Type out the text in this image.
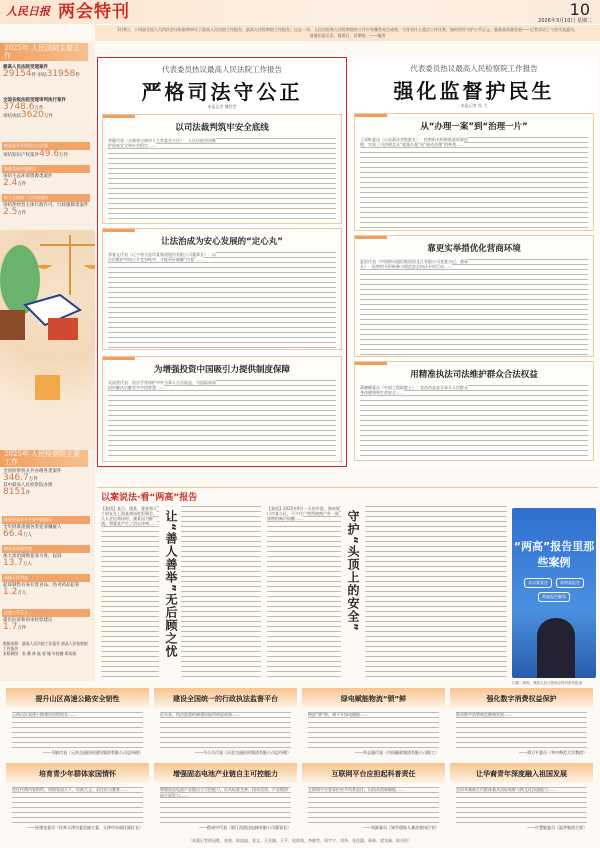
人民日报 两会特刊	10
2026年3月10日 星期二
3月9日，十四届全国人大四次会议听取和审议了最高人民法院工作报告、最高人民检察院工作报告。过去一年，人民法院和人民检察院的工作中有哪些亮点成效，今年有什么重点工作任务，如何更好守护公平正义，服务高质量发展——记者采访了与会代表委员，请他们谈认识、提建议、话期待。——编者
2025年 人民法院主要工作
最高人民法院受理案件
29154件 审结31958件
全国各级法院受理审判执行案件
3748.6万件
审结执结3620万件
推进高水平科技自立自强
审结知识产权案件49.6万件
服务美丽中国建设
审结生态环境资源类案件
2.4万件
助力全国统一大市场建设
审结涉经营主体行政许可、行政强制类案件2.5万件
2025年 人民检察院主要工作
全国检察机关共办理各类案件
346.7万件
其中最高人民检察院办理
8151件
推进更高水平平安中国建设
全年批准逮捕各类犯罪嫌疑人
66.4万人
服务高质量发展
加大惩治腐败犯罪力度，起诉
13.7万人
保障人民利益
起诉制售有毒有害食品、伪劣药品犯罪
1.2万人
促进公平正义
提出抗诉和再审检察建议
1.7万件
数据来源：最高人民法院工作报告 最高人民检察院工作报告
本版制图：张 璐 林 磊 郭 铖 叶桂德 郑英娟
代表委员热议最高人民法院工作报告
严格司法守公正
本报记者 魏哲哲
以司法裁判筑牢安全底线
李静代表（吉林省吉林市人大常委会主任）：人民法院坚决维护国家安全和社会稳定……
让法治成为安心发展的“定心丸”
李春文代表（辽宁省大连市某集团股份有限公司董事长）：以法治维护市场公平竞争秩序，才能更好破解“内卷”……
为增强投资中国吸引力提供制度保障
吴国营代表：依法平等保护中外当事人合法权益，为国际商事纠纷解决贡献更多中国智慧……
代表委员热议最高人民检察院工作报告
强化监督护民生
本报记者 倪 弋
从“办理一案”到“治理一片”
王成彬委员（山东政法学院院长）：检察机关积极推进诉源治理，实现了司法理念从“就案办案”向“能动治理”的转变……
靠更实举措优化营商环境
夏滨代表（中国移动通信集团黑龙江有限公司党委书记、董事长）：检察机关积极参与规范涉企执法专项行动……
用精准执法司法维护群众合法权益
蒋晓峰委员（中国工程院院士）：食品药品安全事关人民群众身体健康和生命安全……
以案说法·看“两高”报告
【案情】某日，潘某、曹某和几个朋友在上海某商场吃饭聚会。几人走出商场时，潘某因为醉酒，和曹某产生了语言冲突…… 让“善人善举”无后顾之忧
【案情】2025年9月一天的早晨，海南海口市某小区，不少住户突然被窗户外一阵落物的响声惊醒……	守护“头顶上的安全”	“两高”报告里那些案例
从以案说法	看两高报告
两高报告解读
扫描二维码，观看人民日报两会特刊系列报道
提升山区高速公路安全韧性
云南山区高速公路建设里程较长……
——马敏代表（云南交通投资建设集团有限公司总经理）
建设全国统一的行政执法监督平台
近年来，执法监督机制建设取得明显成效……
——马小兵代表（河北交通投资集团有限公司总经理）
绿电赋能物流“锁”鲜
物流“锁”鲜，离不开绿电赋能……
——毕志强代表（中国邮政集团有限公司职工）
强化数字消费权益保护
推动数字消费规范健康发展……
——谭卫平委员（华中师范大学教授）
培育青少年群体家国情怀
优化经典内容供给，厚植家国天下、民族大义、责任担当教育……
——孙建龙委员（民革天津市委会副主委、天津市东丽区副区长）
增强固态电池产业链自主可控能力
增强固态电池产业链自主可控能力，应从标准完善、技术攻坚、产业链协同方面发力……
——程成中代表（浙江西奥达电梯有限公司董事长）
互联网平台应担起科普责任
互联网平台要承担更多科普责任，以技术创新赋能……
——周源委员（知乎创始人兼首席执行官）
让华裔青年深度融入祖国发展
会同华裔新生代群体兼具国际视野与跨文化沟通能力……
——许慧敏委员（温华集团主席）
（本版记者黄冠胜、金媛、陈诺迪、张文、王若涵、王平、赵欣萌、李晓雪、周宇宁、刘华、张佳惠、蒋林、梁龙瑞、陈丹怡）
